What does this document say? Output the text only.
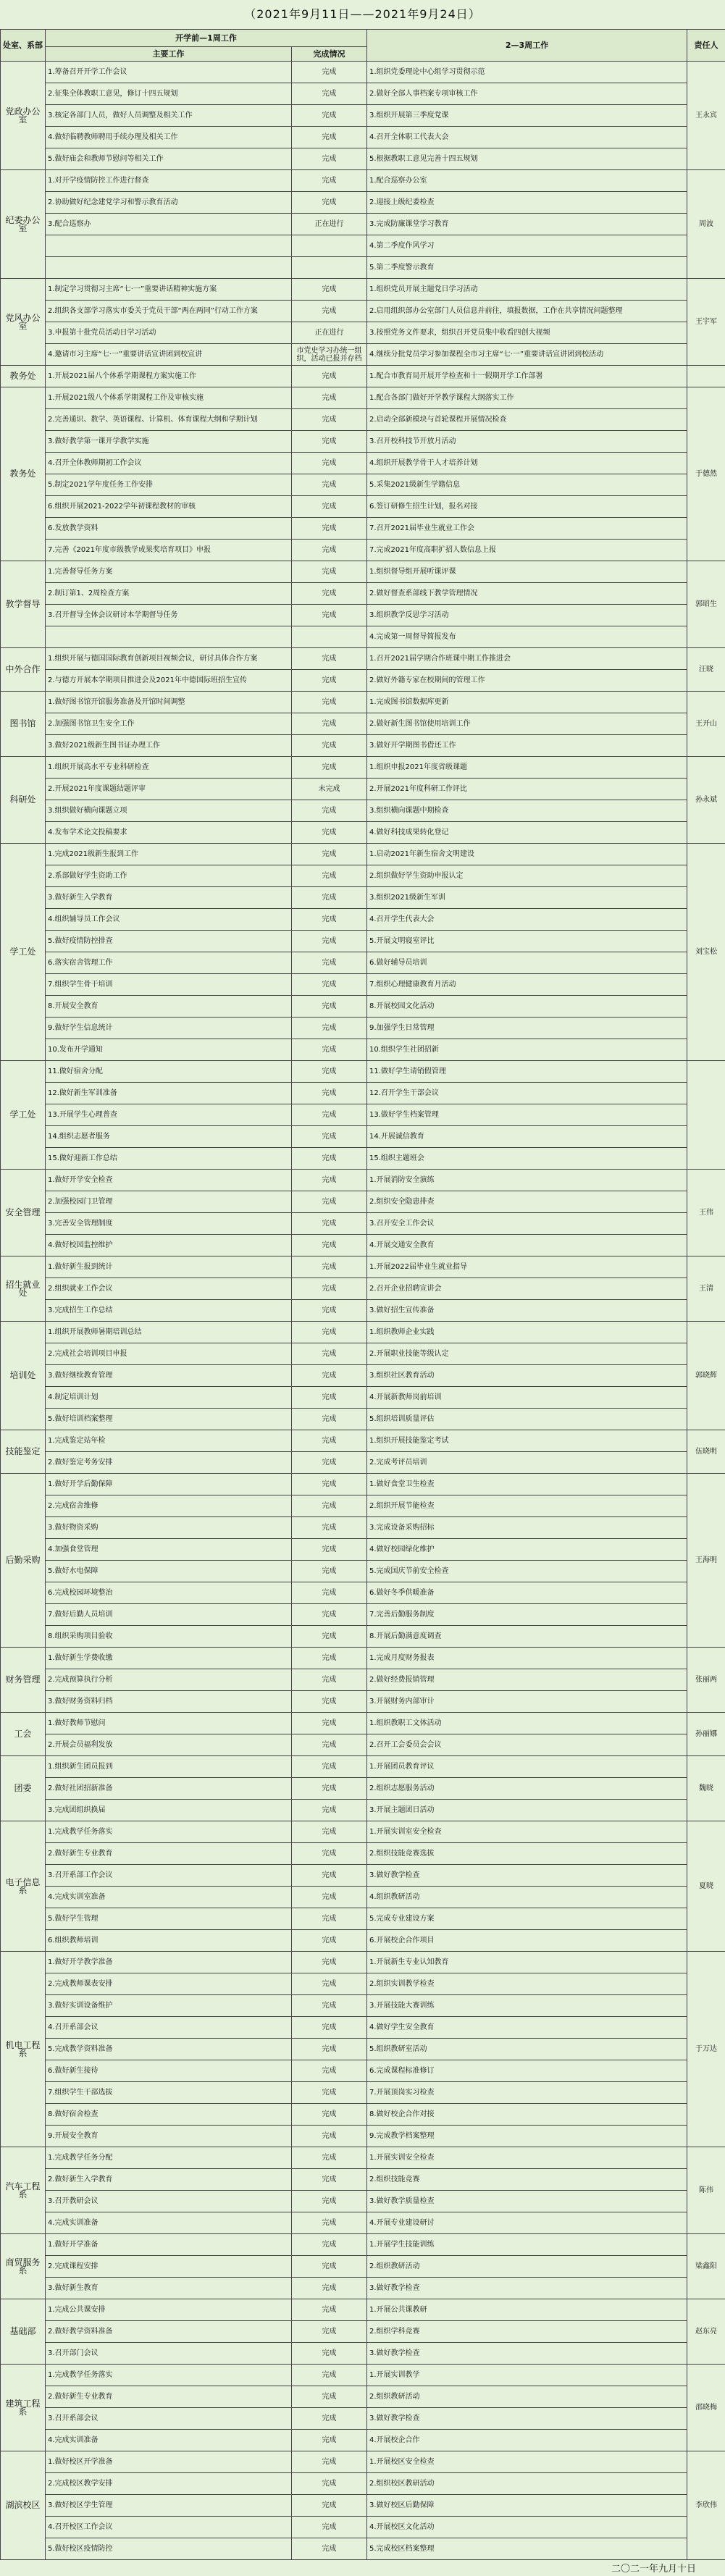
（2021年9月11日——2021年9月24日）
处室、系部	开学前—1周工作		2—3周工作	责任人
	主要工作	完成情况		
党政办公室	1.筹备召开开学工作会议	完成	1.组织党委理论中心组学习贯彻示范	王永宾
	2.征集全体教职工意见，修订十四五规划	完成	2.做好全部人事档案专项审核工作	
	3.核定各部门人员，做好人员调整及相关工作	完成	3.组织开展第三季度党课	
	4.做好临聘教师聘用手续办理及相关工作	完成	4.召开全体职工代表大会	
	5.做好庙会和教师节慰问等相关工作	完成	5.根据教职工意见完善十四五规划	
纪委办公室	1.对开学疫情防控工作进行督查	完成	1.配合巡察办公室	周波
	2.协助做好纪念建党学习和警示教育活动	完成	2.迎接上级纪委检查	
	3.配合巡察办	正在进行	3.完成防廉课堂学习教育	
			4.第二季度作风学习	
			5.第二季度警示教育	
党风办公室	1.制定学习贯彻习主席“七·一”重要讲话精神实施方案	完成	1.组织党员开展主题党日学习活动	王宇军
	2.组织各支部学习落实市委关于党员干部“两在两同”行动工作方案	完成	2.启用组织部办公室部门人员信息并前往，填报数据，工作在共享情况问题整理	
	3.申报第十批党员活动日学习活动	正在进行	3.按照党务文件要求，组织召开党员集中收看四创大视频	
	4.邀请市习主席“七·一”重要讲话宣讲团到校宣讲	市党史学习办统一组织，活动已报并存档	4.继续分批党员学习参加课程全市习主席“七·一”重要讲话宣讲团到校活动	
教务处	1.开展2021届八个体系学期课程方案实施工作	完成	1.配合市教育局开展开学检查和十一假期开学工作部署	
教务处	1.开展2021级八个体系学期课程工作及审核实施	完成	1.配合各部门做好开学教学课程大纲落实工作	于德然
	2.完善通识、数学、英语课程、计算机、体育课程大纲和学期计划	完成	2.启动全部新模块与首轮课程开展情况检查	
	3.做好教学第一课开学教学实施	完成	3.召开校科技节开放月活动	
	4.召开全体教师期初工作会议	完成	4.组织开展教学骨干人才培养计划	
	5.制定2021学年度任务工作安排	完成	5.采集2021级新生学籍信息	
	6.组织开展2021-2022学年初课程教材的审核	完成	6.签订研修生招生计划，报名对接	
	6.发放教学资料	完成	7.召开2021届毕业生就业工作会	
	7.完善《2021年度市级教学成果奖培育项目》申报	完成	7.完成2021年度高职扩招人数信息上报	
教学督导	1.完善督导任务方案	完成	1.组织督导组开展听课评课	郭昭生
	2.制订第1、2周检查方案	完成	2.做好督查系部线下教学管理情况	
	3.召开督导全体会议研讨本学期督导任务	完成	3.组织教学反思学习活动	
			4.完成第一周督导简报发布	
中外合作	1.组织开展与德国国际教育创新项目视频会议，研讨具体合作方案	完成	1.召开2021届学期合作班课中期工作推进会	汪晓
	2.与德方开展本学期项目推进会及2021年中德国际班招生宣传	完成	2.做好外籍专家在校期间的管理工作	
图书馆	1.做好图书馆开馆服务准备及开馆时间调整	完成	1.完成图书馆数据库更新	王开山
	2.加强图书馆卫生安全工作	完成	2.做好新生图书馆使用培训工作	
	3.做好2021级新生图书证办理工作	完成	3.做好开学期图书借还工作	
科研处	1.组织开展高水平专业科研检查	完成	1.组织申报2021年度省级课题	孙永斌
	2.开展2021年度课题结题评审	未完成	2.开展2021年度科研工作评比	
	3.组织做好横向课题立项	完成	3.组织横向课题中期检查	
	4.发布学术论文投稿要求	完成	4.做好科技成果转化登记	
学工处	1.完成2021级新生报到工作	完成	1.启动2021年新生宿舍文明建设	刘宝松
	2.系部做好学生资助工作	完成	2.组织做好学生资助申报认定	
	3.做好新生入学教育	完成	3.组织2021级新生军训	
	4.组织辅导员工作会议	完成	4.召开学生代表大会	
	5.做好疫情防控排查	完成	5.开展文明寝室评比	
	6.落实宿舍管理工作	完成	6.做好辅导员培训	
	7.组织学生骨干培训	完成	7.组织心理健康教育月活动	
	8.开展安全教育	完成	8.开展校园文化活动	
	9.做好学生信息统计	完成	9.加强学生日常管理	
	10.发布开学通知	完成	10.组织学生社团招新	
学工处	11.做好宿舍分配	完成	11.做好学生请销假管理	
	12.做好新生军训准备	完成	12.召开学生干部会议	
	13.开展学生心理普查	完成	13.做好学生档案管理	
	14.组织志愿者服务	完成	14.开展诚信教育	
	15.做好迎新工作总结	完成	15.组织主题班会	
安全管理	1.做好开学安全检查	完成	1.开展消防安全演练	王伟
	2.加强校园门卫管理	完成	2.组织安全隐患排查	
	3.完善安全管理制度	完成	3.召开安全工作会议	
	4.做好校园监控维护	完成	4.开展交通安全教育	
招生就业处	1.做好新生报到统计	完成	1.开展2022届毕业生就业指导	王清
	2.组织就业工作会议	完成	2.召开企业招聘宣讲会	
	3.完成招生工作总结	完成	3.做好招生宣传准备	
培训处	1.组织开展教师暑期培训总结	完成	1.组织教师企业实践	郭晓辉
	2.完成社会培训项目申报	完成	2.开展职业技能等级认定	
	3.做好继续教育管理	完成	3.组织社区教育活动	
	4.制定培训计划	完成	4.开展新教师岗前培训	
	5.做好培训档案整理	完成	5.组织培训质量评估	
技能鉴定	1.完成鉴定站年检	完成	1.组织开展技能鉴定考试	伍晓明
	2.做好鉴定考务安排	完成	2.完成考评员培训	
后勤采购	1.做好开学后勤保障	完成	1.做好食堂卫生检查	王海明
	2.完成宿舍维修	完成	2.组织开展节能检查	
	3.做好物资采购	完成	3.完成设备采购招标	
	4.加强食堂管理	完成	4.做好校园绿化维护	
	5.做好水电保障	完成	5.完成国庆节前安全检查	
	6.完成校园环境整治	完成	6.做好冬季供暖准备	
	7.做好后勤人员培训	完成	7.完善后勤服务制度	
	8.组织采购项目验收	完成	8.开展后勤满意度调查	
财务管理	1.做好新生学费收缴	完成	1.完成月度财务报表	张丽两
	2.完成预算执行分析	完成	2.做好经费报销管理	
	3.做好财务资料归档	完成	3.开展财务内部审计	
工会	1.做好教师节慰问	完成	1.组织教职工文体活动	孙丽娜
	2.开展会员福利发放	完成	2.召开工会委员会会议	
团委	1.组织新生团员报到	完成	1.开展团员教育评议	魏晓
	2.做好社团招新准备	完成	2.组织志愿服务活动	
	3.完成团组织换届	完成	3.开展主题团日活动	
电子信息系	1.完成教学任务落实	完成	1.开展实训室安全检查	夏晓
	2.做好新生专业教育	完成	2.组织技能竞赛选拔	
	3.召开系部工作会议	完成	3.做好教学检查	
	4.完成实训室准备	完成	4.组织教研活动	
	5.做好学生管理	完成	5.完成专业建设方案	
	6.组织教师培训	完成	6.开展校企合作项目	
机电工程系	1.做好开学教学准备	完成	1.开展新生专业认知教育	于万达
	2.完成教师课表安排	完成	2.组织实训教学检查	
	3.做好实训设备维护	完成	3.开展技能大赛训练	
	4.召开系部会议	完成	4.做好学生安全教育	
	5.完成教学资料准备	完成	5.组织教研室活动	
	6.做好新生接待	完成	6.完成课程标准修订	
	7.组织学生干部选拔	完成	7.开展顶岗实习检查	
	8.做好宿舍检查	完成	8.做好校企合作对接	
	9.开展安全教育	完成	9.完成教学档案整理	
汽车工程系	1.完成教学任务分配	完成	1.开展实训安全检查	陈伟
	2.做好新生入学教育	完成	2.组织技能竞赛	
	3.召开教研会议	完成	3.做好教学质量检查	
	4.完成实训准备	完成	4.开展专业建设研讨	
商贸服务系	1.做好开学准备	完成	1.开展学生技能训练	梁鑫阳
	2.完成课程安排	完成	2.组织教研活动	
	3.做好新生教育	完成	3.做好教学检查	
基础部	1.完成公共课安排	完成	1.开展公共课教研	赵东亮
	2.做好教学资料准备	完成	2.组织学科竞赛	
	3.召开部门会议	完成	3.做好教学检查	
建筑工程系	1.完成教学任务落实	完成	1.开展实训教学	邵晓梅
	2.做好新生专业教育	完成	2.组织教研活动	
	3.召开系部会议	完成	3.做好教学检查	
	4.完成实训准备	完成	4.开展校企合作	
湖滨校区	1.做好校区开学准备	完成	1.开展校区安全检查	李欣伟
	2.完成校区教学安排	完成	2.组织校区教研活动	
	3.做好校区学生管理	完成	3.做好校区后勤保障	
	4.召开校区工作会议	完成	4.开展校区文化活动	
	5.做好校区疫情防控	完成	5.完成校区档案整理	
二〇二一年九月十日
